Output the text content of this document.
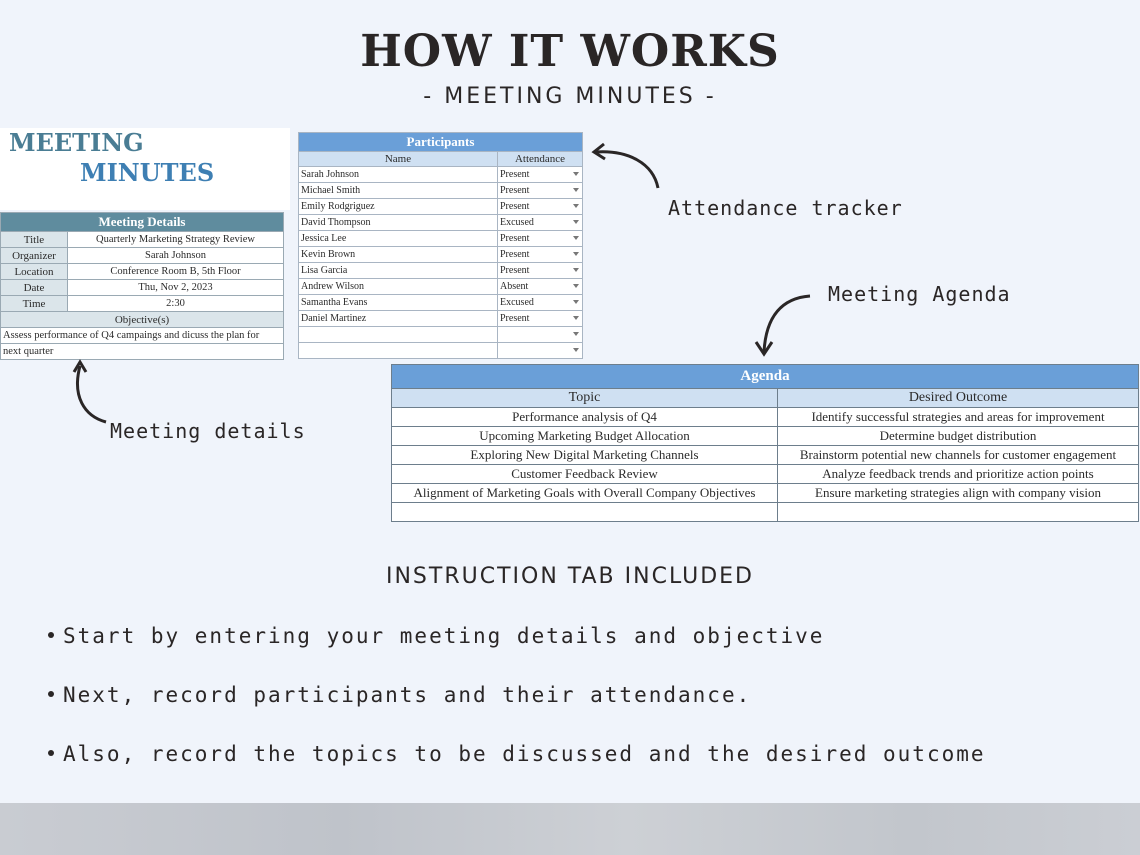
HOW IT WORKS
- MEETING MINUTES -
MEETING
MINUTES
Meeting Details	
Title	Quarterly Marketing Strategy Review
Organizer	Sarah Johnson
Location	Conference Room B, 5th Floor
Date	Thu, Nov 2, 2023
Time	2:30
Objective(s)	
Assess performance of Q4 campaings and dicuss the plan for	
next quarter	
Participants	
Name	Attendance
Sarah Johnson	Present

Michael Smith	Present

Emily Rodgriguez	Present

David Thompson	Excused

Jessica Lee	Present

Kevin Brown	Present

Lisa Garcia	Present

Andrew Wilson	Absent

Samantha Evans	Excused

Daniel Martinez	Present

Agenda	
Topic	Desired Outcome
Performance analysis of Q4	Identify successful strategies and areas for improvement
Upcoming Marketing Budget Allocation	Determine budget distribution
Exploring New Digital Marketing Channels	Brainstorm potential new channels for customer engagement
Customer Feedback Review	Analyze feedback trends and prioritize action points
Alignment of Marketing Goals with Overall Company Objectives	Ensure marketing strategies align with company vision

Attendance tracker
Meeting Agenda
Meeting details
INSTRUCTION TAB INCLUDED
Start by entering your meeting details and objective
Next, record participants and their attendance.
Also, record the topics to be discussed and the desired outcome
